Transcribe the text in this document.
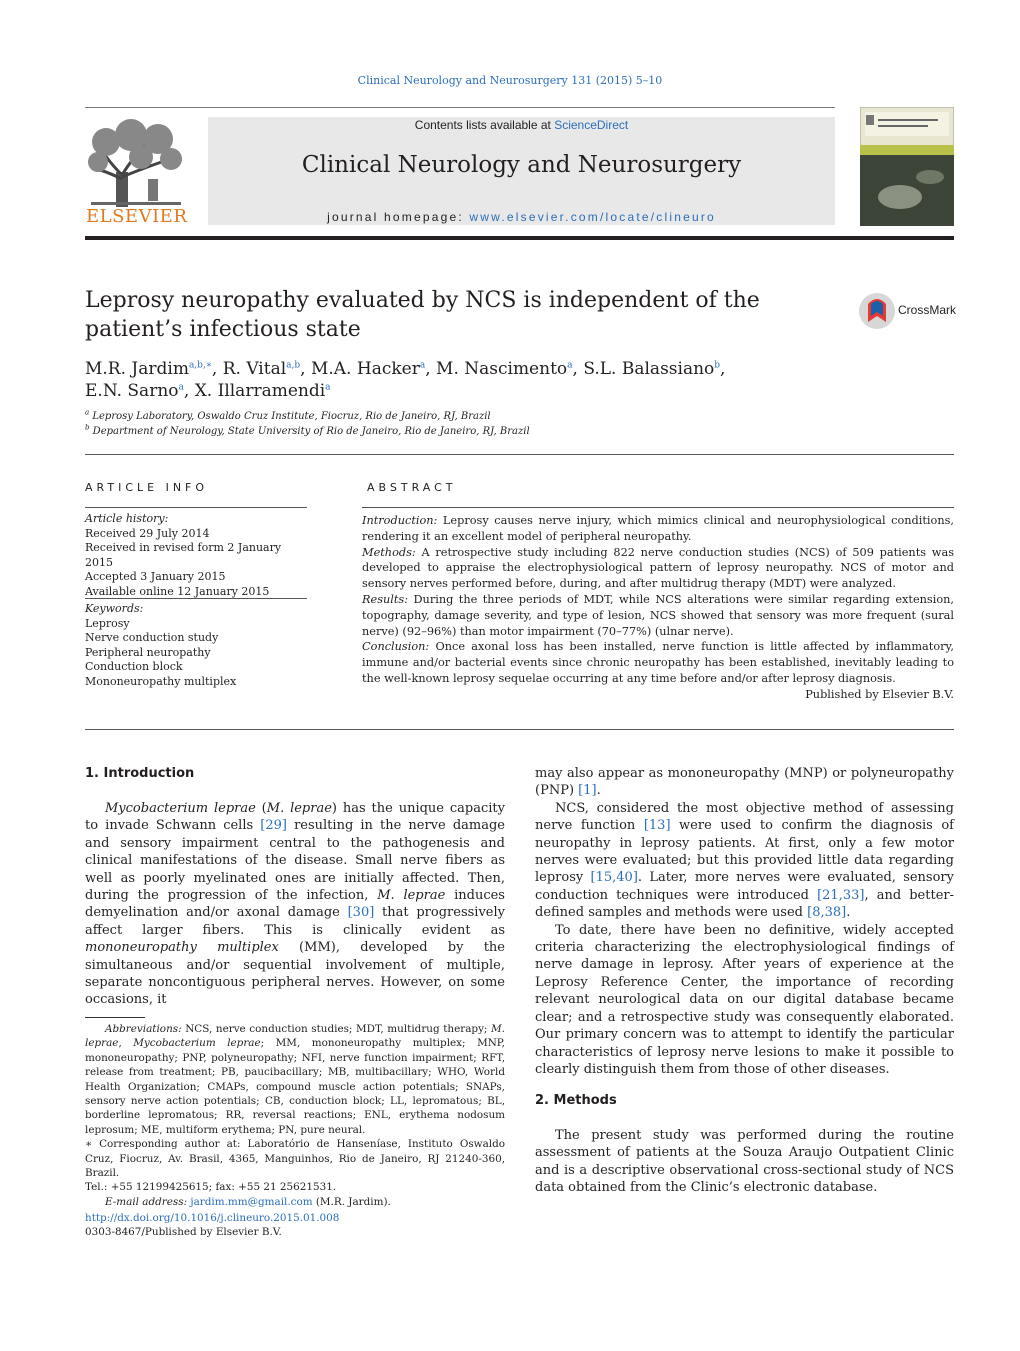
Clinical Neurology and Neurosurgery 131 (2015) 5–10
ELSEVIER
Contents lists available at ScienceDirect
Clinical Neurology and Neurosurgery
journal homepage: www.elsevier.com/locate/clineuro
Leprosy neuropathy evaluated by NCS is independent of the patient’s infectious state
CrossMark
M.R. Jardim$^{a,b,∗}$, R. Vital$^{a,b}$, M.A. Hacker$^a$, M. Nascimento$^a$, S.L. Balassiano$^b$,
E.N. Sarno$^a$, X. Illarramendi$^a$
$^a$ Leprosy Laboratory, Oswaldo Cruz Institute, Fiocruz, Rio de Janeiro, RJ, Brazil
$^b$ Department of Neurology, State University of Rio de Janeiro, Rio de Janeiro, RJ, Brazil
ARTICLE INFO
Article history:
Received 29 July 2014
Received in revised form 2 January 2015
Accepted 3 January 2015
Available online 12 January 2015
Keywords:
Leprosy
Nerve conduction study
Peripheral neuropathy
Conduction block
Mononeuropathy multiplex
ABSTRACT
Introduction: Leprosy causes nerve injury, which mimics clinical and neurophysiological conditions, rendering it an excellent model of peripheral neuropathy.
Methods: A retrospective study including 822 nerve conduction studies (NCS) of 509 patients was developed to appraise the electrophysiological pattern of leprosy neuropathy. NCS of motor and sensory nerves performed before, during, and after multidrug therapy (MDT) were analyzed.
Results: During the three periods of MDT, while NCS alterations were similar regarding extension, topography, damage severity, and type of lesion, NCS showed that sensory was more frequent (sural nerve) (92–96%) than motor impairment (70–77%) (ulnar nerve).
Conclusion: Once axonal loss has been installed, nerve function is little affected by inflammatory, immune and/or bacterial events since chronic neuropathy has been established, inevitably leading to the well-known leprosy sequelae occurring at any time before and/or after leprosy diagnosis.
Published by Elsevier B.V.
1. Introduction

Mycobacterium leprae (M. leprae) has the unique capacity to invade Schwann cells [29] resulting in the nerve damage and sensory impairment central to the pathogenesis and clinical manifestations of the disease. Small nerve fibers as well as poorly myelinated ones are initially affected. Then, during the progression of the infection, M. leprae induces demyelination and/or axonal damage [30] that progressively affect larger fibers. This is clinically evident as mononeuropathy multiplex (MM), developed by the simultaneous and/or sequential involvement of multiple, separate noncontiguous peripheral nerves. However, on some occasions, it

Abbreviations: NCS, nerve conduction studies; MDT, multidrug therapy; M. leprae, Mycobacterium leprae; MM, mononeuropathy multiplex; MNP, mononeuropathy; PNP, polyneuropathy; NFI, nerve function impairment; RFT, release from treatment; PB, paucibacillary; MB, multibacillary; WHO, World Health Organization; CMAPs, compound muscle action potentials; SNAPs, sensory nerve action potentials; CB, conduction block; LL, lepromatous; BL, borderline lepromatous; RR, reversal reactions; ENL, erythema nodosum leprosum; ME, multiform erythema; PN, pure neural.
∗ Corresponding author at: Laboratório de Hanseníase, Instituto Oswaldo Cruz, Fiocruz, Av. Brasil, 4365, Manguinhos, Rio de Janeiro, RJ 21240-360, Brazil.
Tel.: +55 12199425615; fax: +55 21 25621531.
E-mail address: jardim.mm@gmail.com (M.R. Jardim).
http://dx.doi.org/10.1016/j.clineuro.2015.01.008
0303-8467/Published by Elsevier B.V.

may also appear as mononeuropathy (MNP) or polyneuropathy (PNP) [1].

NCS, considered the most objective method of assessing nerve function [13] were used to confirm the diagnosis of neuropathy in leprosy patients. At first, only a few motor nerves were evaluated; but this provided little data regarding leprosy [15,40]. Later, more nerves were evaluated, sensory conduction techniques were introduced [21,33], and better-defined samples and methods were used [8,38].

To date, there have been no definitive, widely accepted criteria characterizing the electrophysiological findings of nerve damage in leprosy. After years of experience at the Leprosy Reference Center, the importance of recording relevant neurological data on our digital database became clear; and a retrospective study was consequently elaborated. Our primary concern was to attempt to identify the particular characteristics of leprosy nerve lesions to make it possible to clearly distinguish them from those of other diseases.

2. Methods

The present study was performed during the routine assessment of patients at the Souza Araujo Outpatient Clinic and is a descriptive observational cross-sectional study of NCS data obtained from the Clinic’s electronic database.
